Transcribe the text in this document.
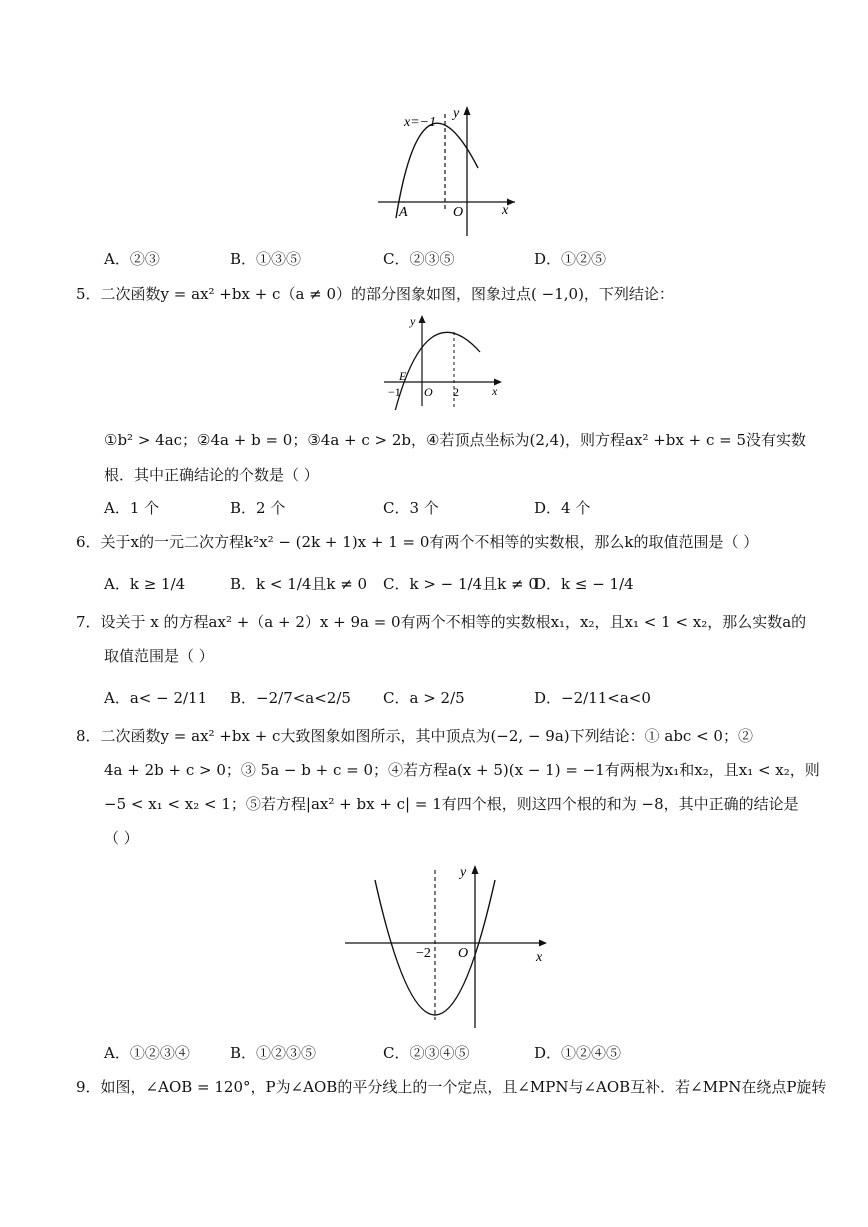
x=−1
y
x
O
A
A．②③	B．①③⑤	C．②③⑤	D．①②⑤
5．二次函数y = ax² +bx + c（a ≠ 0）的部分图象如图，图象过点( −1,0)，下列结论：
y
x
E
−1 O 2
①b² > 4ac；②4a + b = 0；③4a + c > 2b，④若顶点坐标为(2,4)，则方程ax² +bx + c = 5没有实数
根．其中正确结论的个数是（ ）
A．1 个	B．2 个	C．3 个	D．4 个
6．关于x的一元二次方程k²x² − (2k + 1)x + 1 = 0有两个不相等的实数根，那么k的取值范围是（ ）
A．k ≥ 1/4	B．k < 1/4且k ≠ 0 C．k > − 1/4且k ≠ 0
D．k ≤ − 1/4
7．设关于 x 的方程ax² +（a + 2）x + 9a = 0有两个不相等的实数根x₁，x₂，且x₁ < 1 < x₂，那么实数a的
取值范围是（ ）
A．a< − 2/11 B．−2/7<a<2/5 C．a > 2/5	D．−2/11<a<0
8．二次函数y = ax² +bx + c大致图象如图所示，其中顶点为(−2, − 9a)下列结论：① abc < 0；②
4a + 2b + c > 0；③ 5a − b + c = 0；④若方程a(x + 5)(x − 1) = −1有两根为x₁和x₂，且x₁ < x₂，则
−5 < x₁ < x₂ < 1；⑤若方程|ax² + bx + c| = 1有四个根，则这四个根的和为 −8，其中正确的结论是
（ ）
y
x
−2 O
A．①②③④	B．①②③⑤	C．②③④⑤	D．①②④⑤
9．如图，∠AOB = 120°，P为∠AOB的平分线上的一个定点，且∠MPN与∠AOB互补．若∠MPN在绕点P旋转
